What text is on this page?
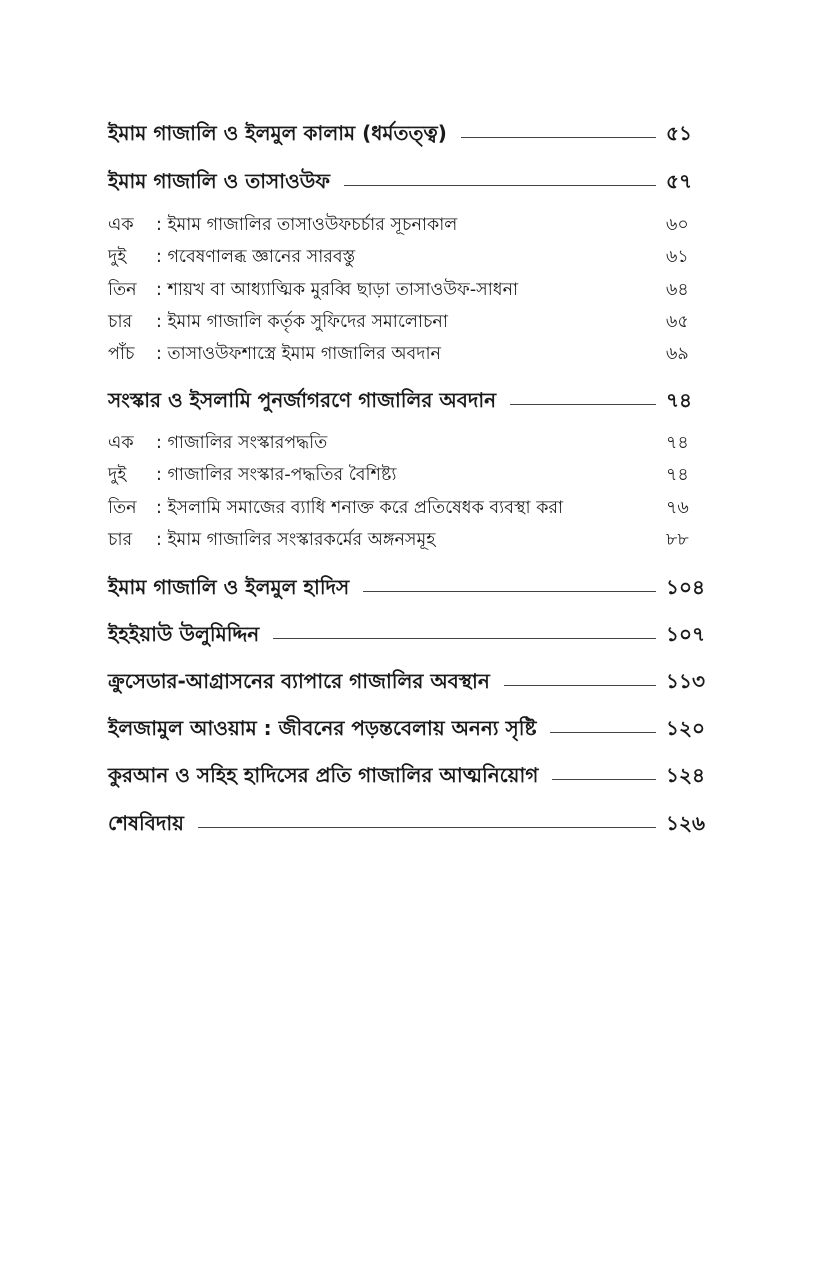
ইমাম গাজালি ও ইলমুল কালাম (ধর্মতত্ত্ব)	৫১
ইমাম গাজালি ও তাসাওউফ	৫৭
এক	: ইমাম গাজালির তাসাওউফচর্চার সূচনাকাল	৬০
দুই	: গবেষণালব্ধ জ্ঞানের সারবস্তু	৬১
তিন	: শায়খ বা আধ্যাত্মিক মুরব্বি ছাড়া তাসাওউফ-সাধনা	৬৪
চার	: ইমাম গাজালি কর্তৃক সুফিদের সমালোচনা	৬৫
পাঁচ	: তাসাওউফশাস্ত্রে ইমাম গাজালির অবদান	৬৯
সংস্কার ও ইসলামি পুনর্জাগরণে গাজালির অবদান	৭৪
এক	: গাজালির সংস্কারপদ্ধতি	৭৪
দুই	: গাজালির সংস্কার-পদ্ধতির বৈশিষ্ট্য	৭৪
তিন	: ইসলামি সমাজের ব্যাধি শনাক্ত করে প্রতিষেধক ব্যবস্থা করা	৭৬
চার	: ইমাম গাজালির সংস্কারকর্মের অঙ্গনসমূহ	৮৮
ইমাম গাজালি ও ইলমুল হাদিস	১০৪
ইহইয়াউ উলুমিদ্দিন	১০৭
ক্রুসেডার-আগ্রাসনের ব্যাপারে গাজালির অবস্থান	১১৩
ইলজামুল আওয়াম : জীবনের পড়ন্তবেলায় অনন্য সৃষ্টি	১২০
কুরআন ও সহিহ হাদিসের প্রতি গাজালির আত্মনিয়োগ	১২৪
শেষবিদায়	১২৬
